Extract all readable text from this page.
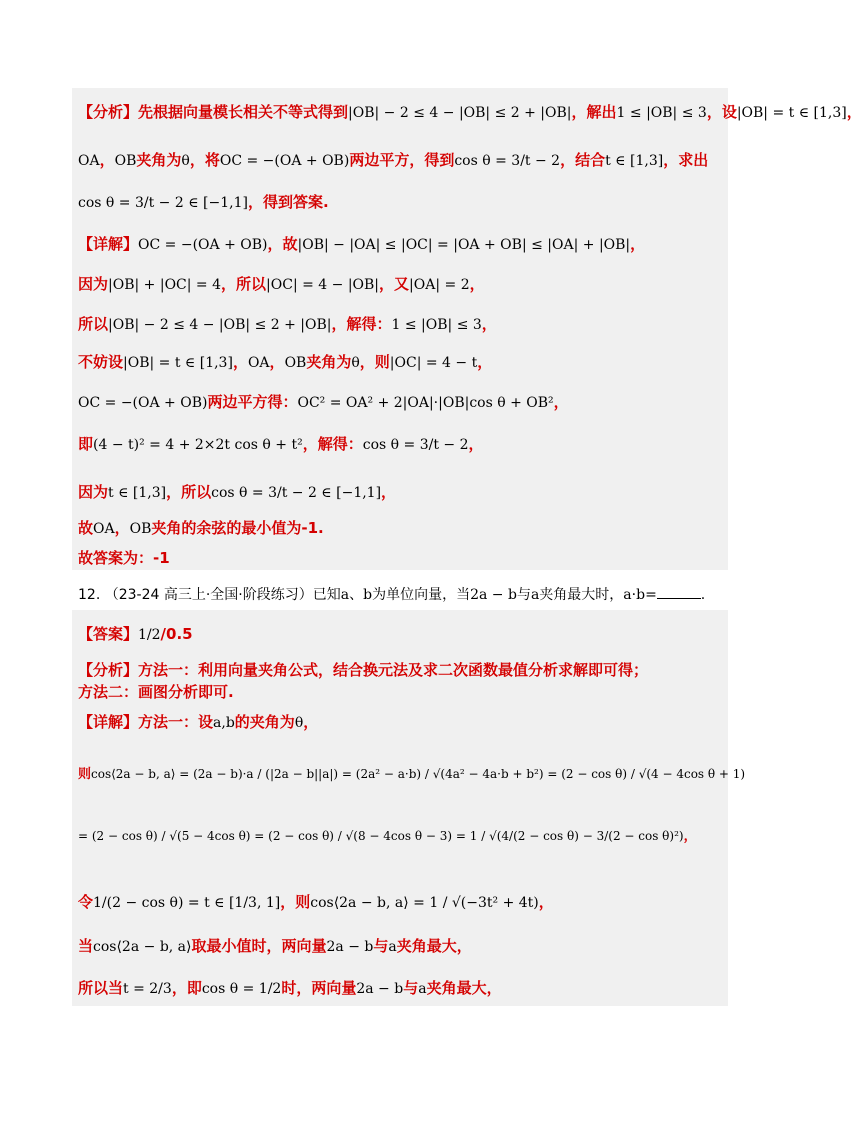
【分析】先根据向量模长相关不等式得到|OB| − 2 ≤ 4 − |OB| ≤ 2 + |OB|，解出1 ≤ |OB| ≤ 3，设|OB| = t ∈ [1,3]，
OA，OB夹角为θ，将OC = −(OA + OB)两边平方，得到cos θ = 3/t − 2，结合t ∈ [1,3]，求出
cos θ = 3/t − 2 ∈ [−1,1]，得到答案.
【详解】OC = −(OA + OB)，故|OB| − |OA| ≤ |OC| = |OA + OB| ≤ |OA| + |OB|，
因为|OB| + |OC| = 4，所以|OC| = 4 − |OB|，又|OA| = 2，
所以|OB| − 2 ≤ 4 − |OB| ≤ 2 + |OB|，解得：1 ≤ |OB| ≤ 3，
不妨设|OB| = t ∈ [1,3]，OA，OB夹角为θ，则|OC| = 4 − t，
OC = −(OA + OB)两边平方得：OC² = OA² + 2|OA|·|OB|cos θ + OB²，
即(4 − t)² = 4 + 2×2t cos θ + t²，解得：cos θ = 3/t − 2，
因为t ∈ [1,3]，所以cos θ = 3/t − 2 ∈ [−1,1]，
故OA，OB夹角的余弦的最小值为-1.
故答案为：-1
12. （23-24 高三上·全国·阶段练习）已知a、b为单位向量，当2a − b与a夹角最大时，a·b=	.
【答案】1/2/0.5
【分析】方法一：利用向量夹角公式，结合换元法及求二次函数最值分析求解即可得；
方法二：画图分析即可.
【详解】方法一：设a,b的夹角为θ，
则cos⟨2a − b, a⟩ = (2a − b)·a / (|2a − b||a|) = (2a² − a·b) / √(4a² − 4a·b + b²) = (2 − cos θ) / √(4 − 4cos θ + 1)
= (2 − cos θ) / √(5 − 4cos θ) = (2 − cos θ) / √(8 − 4cos θ − 3) = 1 / √(4/(2 − cos θ) − 3/(2 − cos θ)²)，
令1/(2 − cos θ) = t ∈ [1/3, 1]，则cos⟨2a − b, a⟩ = 1 / √(−3t² + 4t)，
当cos⟨2a − b, a⟩取最小值时，两向量2a − b与a夹角最大，
所以当t = 2/3，即cos θ = 1/2时，两向量2a − b与a夹角最大，
